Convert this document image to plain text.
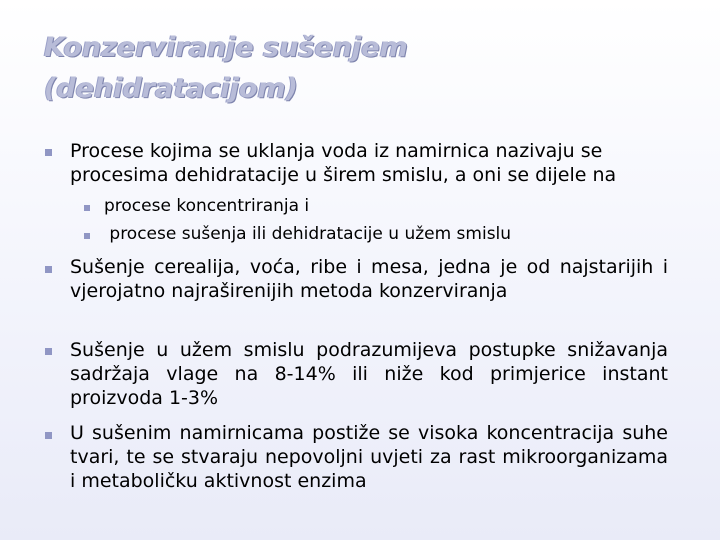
Konzerviranje sušenjem
(dehidratacijom)

Procese kojima se uklanja voda iz namirnica nazivaju se procesima dehidratacije u širem smislu, a oni se dijele na

procese koncentriranja i

procese sušenja ili dehidratacije u užem smislu

Sušenje cerealija, voća, ribe i mesa, jedna je od najstarijih i vjerojatno najraširenijih metoda konzerviranja

Sušenje u užem smislu podrazumijeva postupke snižavanja sadržaja vlage na 8-14% ili niže kod primjerice instant proizvoda 1-3%

U sušenim namirnicama postiže se visoka koncentracija suhe tvari, te se stvaraju nepovoljni uvjeti za rast mikroorganizama i metaboličku aktivnost enzima
